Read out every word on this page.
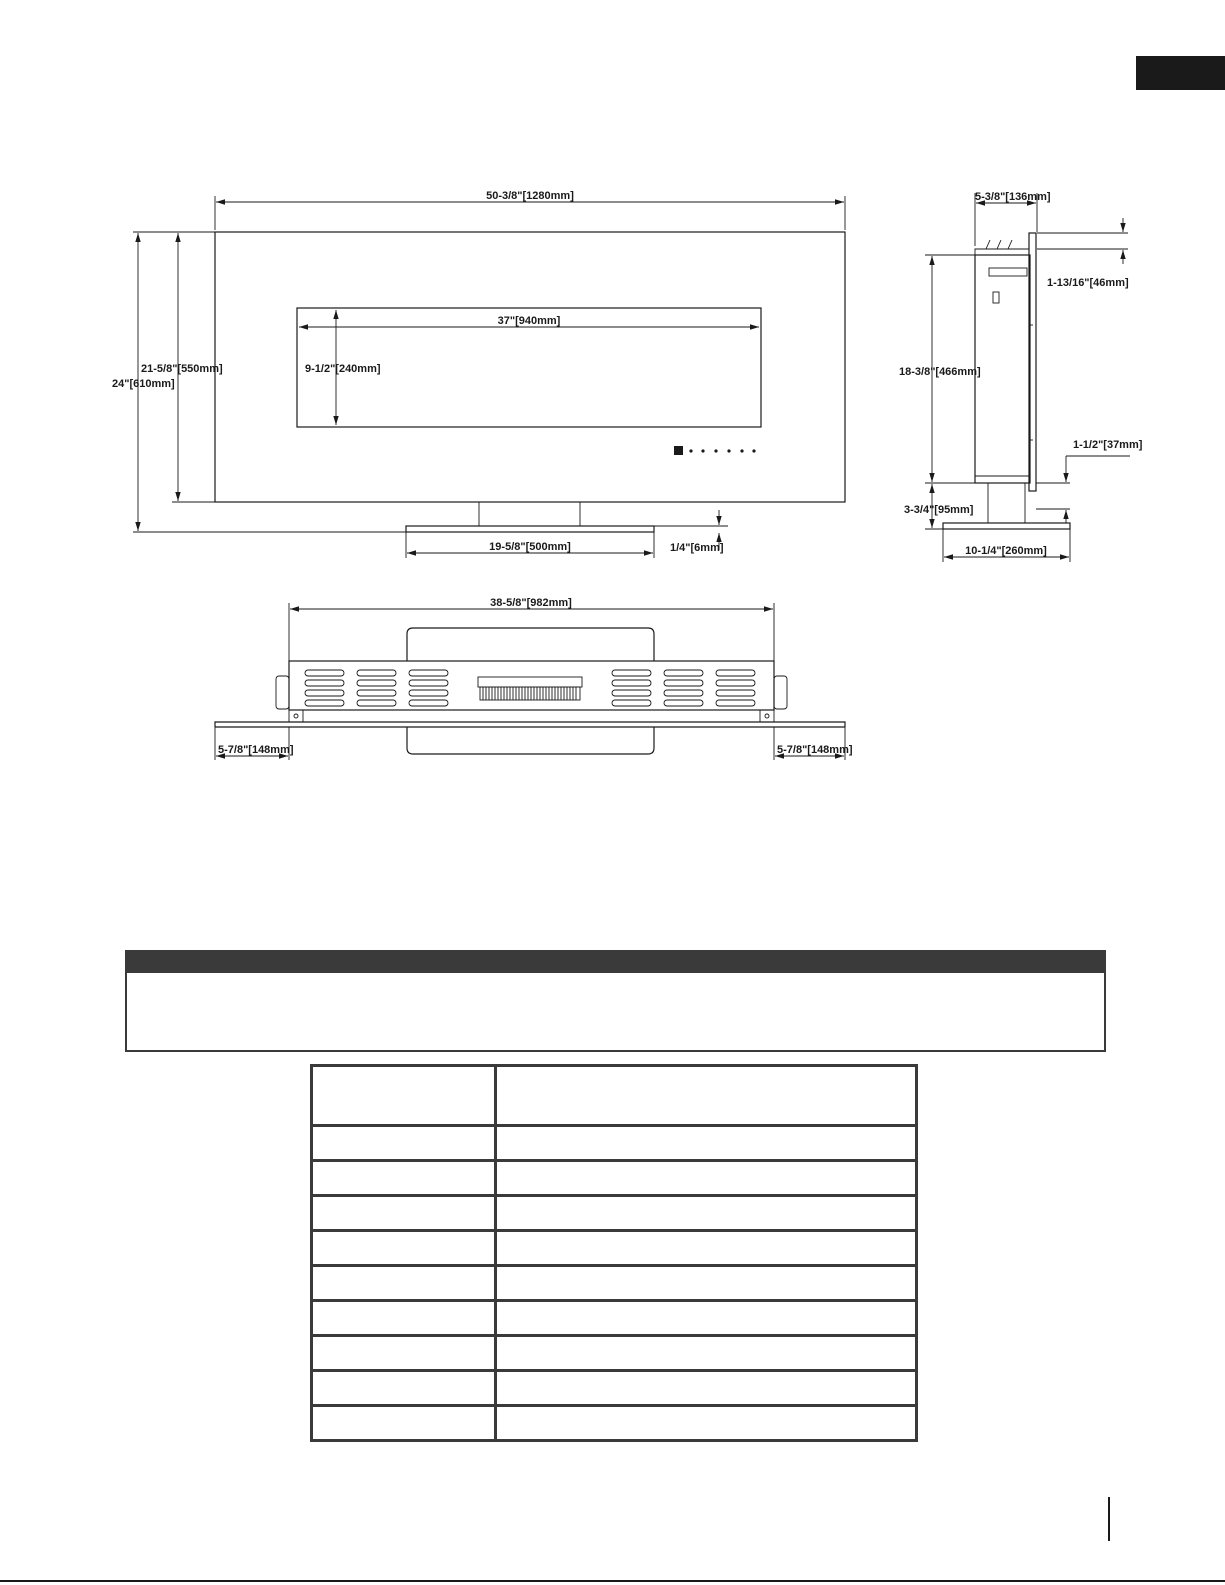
50-3/8"[1280mm]
37"[940mm]
9-1/2"[240mm]
21-5/8"[550mm]
24"[610mm]
19-5/8"[500mm]	1/4"[6mm]
5-3/8"[136mm]
1-13/16"[46mm]
18-3/8"[466mm]
1-1/2"[37mm]
3-3/4"[95mm]
10-1/4"[260mm]
38-5/8"[982mm]
5-7/8"[148mm]	5-7/8"[148mm]
